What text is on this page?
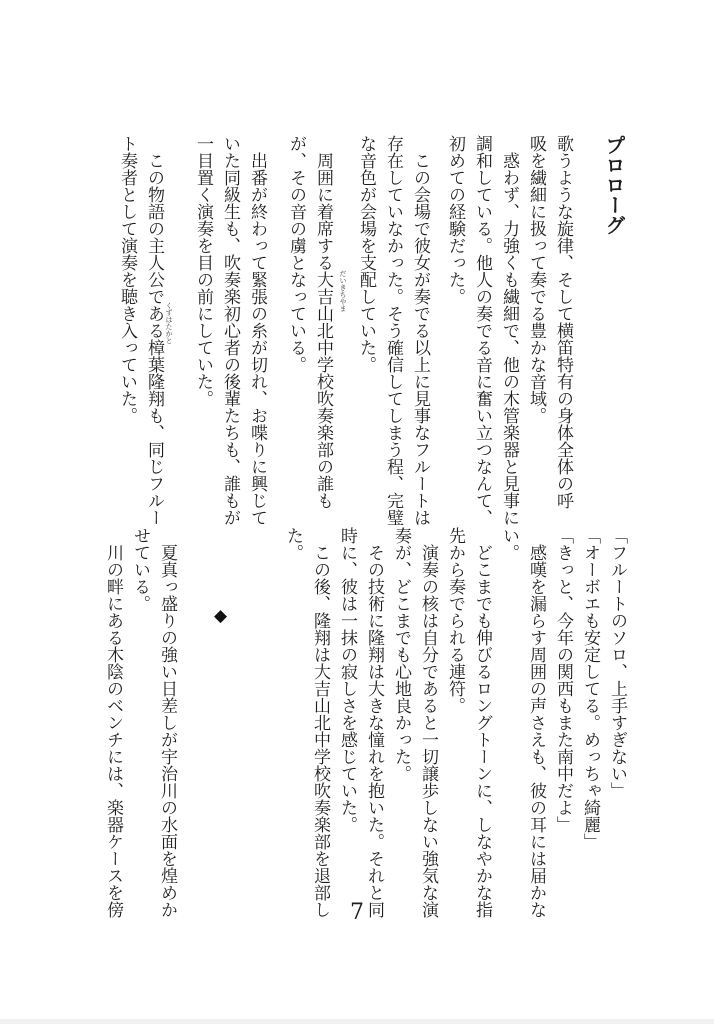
プロローグ
歌うような旋律、そして横笛特有の身体全体の呼
吸を繊細に扱って奏でる豊かな音域。
惑わず、力強くも繊細で、他の木管楽器と見事に
調和している。他人の奏でる音に奮い立つなんて、
初めての経験だった。
この会場で彼女が奏でる以上に見事なフルートは
存在していなかった。そう確信してしまう程、完璧
な音色が会場を支配していた。
周囲に着席する大吉山北中学校吹奏楽部の誰も
が、その音の虜となっている。
出番が終わって緊張の糸が切れ、お喋りに興じて
いた同級生も、吹奏楽初心者の後輩たちも、誰もが
一目置く演奏を目の前にしていた。
この物語の主人公である樟葉隆翔も、同じフルー
ト奏者として演奏を聴き入っていた。	だいきちやま
くずはたかと
「フルートのソロ、上手すぎない」
「オーボエも安定してる。めっちゃ綺麗」
「きっと、今年の関西もまた南中だよ」
感嘆を漏らす周囲の声さえも、彼の耳には届かな
い。
どこまでも伸びるロングトーンに、しなやかな指
先から奏でられる連符。
演奏の核は自分であると一切譲歩しない強気な演
奏が、どこまでも心地良かった。
その技術に隆翔は大きな憧れを抱いた。それと同
時に、彼は一抹の寂しさを感じていた。
この後、隆翔は大吉山北中学校吹奏楽部を退部し
た。
◆
夏真っ盛りの強い日差しが宇治川の水面を煌めか
せている。
川の畔にある木陰のベンチには、楽器ケースを傍	7
